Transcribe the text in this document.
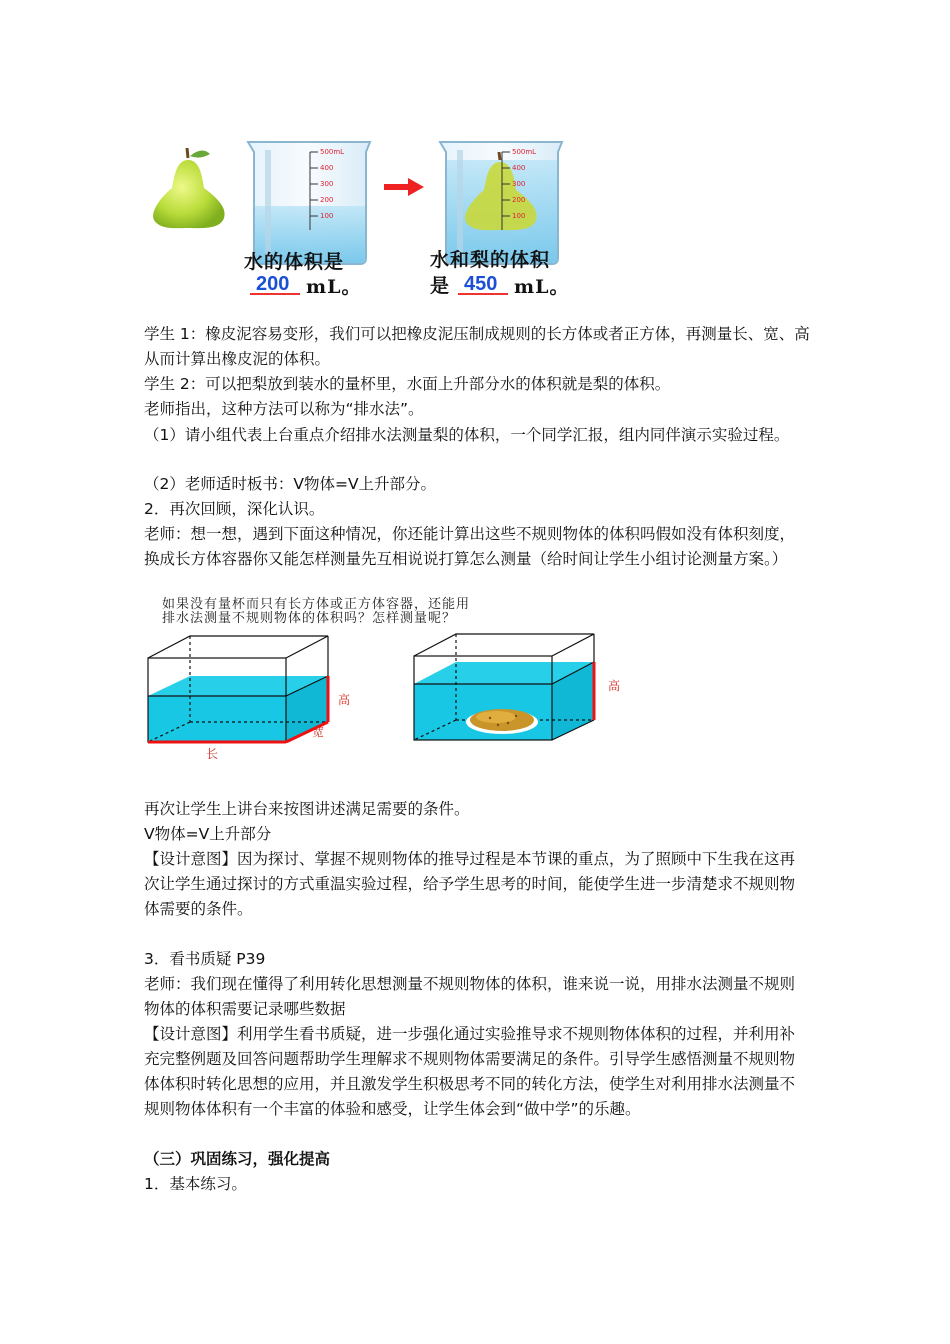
500mL
400
300
200
100
500mL
400
300
200
100
水的体积是
200 mL。
水和梨的体积
是 450 mL。

学生 1：橡皮泥容易变形，我们可以把橡皮泥压制成规则的长方体或者正方体，再测量长、宽、高从而计算出橡皮泥的体积。

学生 2：可以把梨放到装水的量杯里，水面上升部分水的体积就是梨的体积。

老师指出，这种方法可以称为“排水法”。

（1）请小组代表上台重点介绍排水法测量梨的体积，一个同学汇报，组内同伴演示实验过程。

（2）老师适时板书：V物体=V上升部分。

2．再次回顾，深化认识。

老师：想一想，遇到下面这种情况，你还能计算出这些不规则物体的体积吗假如没有体积刻度，换成长方体容器你又能怎样测量先互相说说打算怎么测量（给时间让学生小组讨论测量方案。）

如果没有量杯而只有长方体或正方体容器，还能用
排水法测量不规则物体的体积吗？怎样测量呢？
高
宽
长
高

再次让学生上讲台来按图讲述满足需要的条件。

V物体=V上升部分

【设计意图】因为探讨、掌握不规则物体的推导过程是本节课的重点，为了照顾中下生我在这再次让学生通过探讨的方式重温实验过程，给予学生思考的时间，能使学生进一步清楚求不规则物体需要的条件。

3．看书质疑 P39

老师：我们现在懂得了利用转化思想测量不规则物体的体积，谁来说一说，用排水法测量不规则物体的体积需要记录哪些数据

【设计意图】利用学生看书质疑，进一步强化通过实验推导求不规则物体体积的过程，并利用补充完整例题及回答问题帮助学生理解求不规则物体需要满足的条件。引导学生感悟测量不规则物体体积时转化思想的应用，并且激发学生积极思考不同的转化方法，使学生对利用排水法测量不规则物体体积有一个丰富的体验和感受，让学生体会到“做中学”的乐趣。

（三）巩固练习，强化提高

1．基本练习。
